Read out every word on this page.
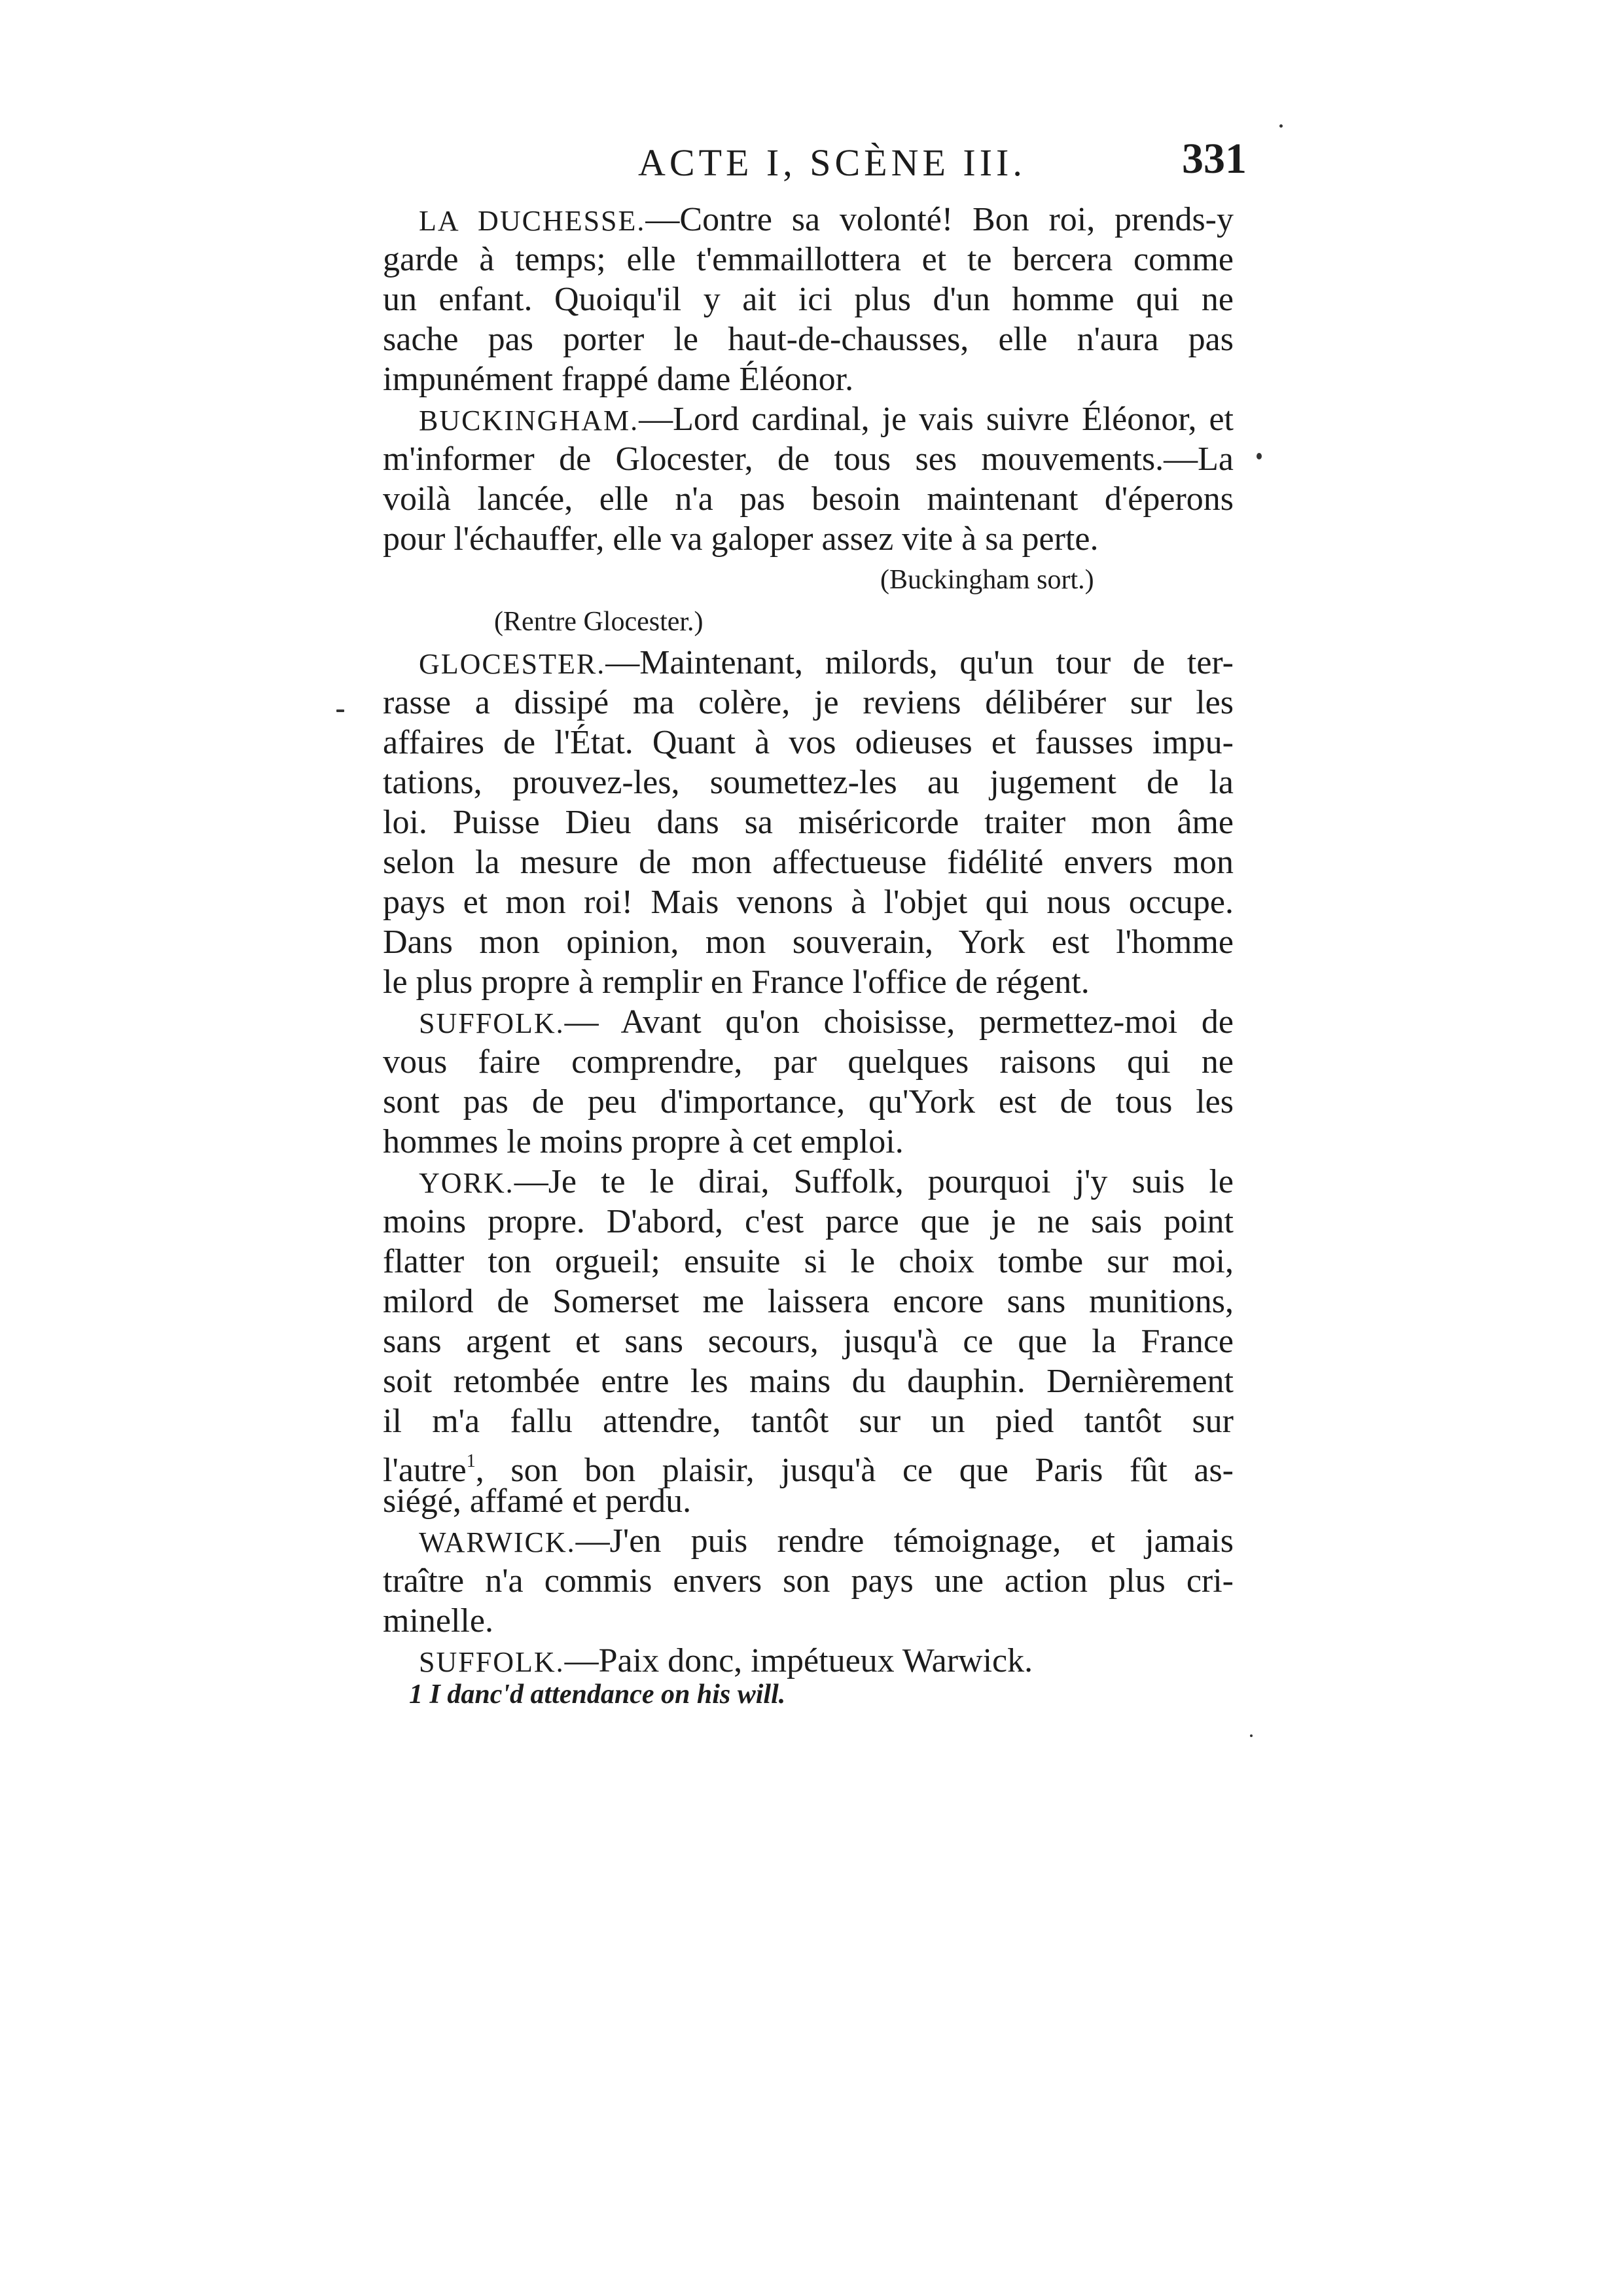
ACTE I, SCÈNE III.	331
LA DUCHESSE.—Contre sa volonté! Bon roi, prends-y
garde à temps; elle t'emmaillottera et te bercera comme
un enfant. Quoiqu'il y ait ici plus d'un homme qui ne
sache pas porter le haut-de-chausses, elle n'aura pas
impunément frappé dame Éléonor.
BUCKINGHAM.—Lord cardinal, je vais suivre Éléonor, et
m'informer de Glocester, de tous ses mouvements.—La
voilà lancée, elle n'a pas besoin maintenant d'éperons
pour l'échauffer, elle va galoper assez vite à sa perte.
(Buckingham sort.)
(Rentre Glocester.)
GLOCESTER.—Maintenant, milords, qu'un tour de ter-
rasse a dissipé ma colère, je reviens délibérer sur les
affaires de l'État. Quant à vos odieuses et fausses impu-
tations, prouvez-les, soumettez-les au jugement de la
loi. Puisse Dieu dans sa miséricorde traiter mon âme
selon la mesure de mon affectueuse fidélité envers mon
pays et mon roi! Mais venons à l'objet qui nous occupe.
Dans mon opinion, mon souverain, York est l'homme
le plus propre à remplir en France l'office de régent.
SUFFOLK.— Avant qu'on choisisse, permettez-moi de
vous faire comprendre, par quelques raisons qui ne
sont pas de peu d'importance, qu'York est de tous les
hommes le moins propre à cet emploi.
YORK.—Je te le dirai, Suffolk, pourquoi j'y suis le
moins propre. D'abord, c'est parce que je ne sais point
flatter ton orgueil; ensuite si le choix tombe sur moi,
milord de Somerset me laissera encore sans munitions,
sans argent et sans secours, jusqu'à ce que la France
soit retombée entre les mains du dauphin. Dernièrement
il m'a fallu attendre, tantôt sur un pied tantôt sur
l'autre$^1$, son bon plaisir, jusqu'à ce que Paris fût as-
siégé, affamé et perdu.
WARWICK.—J'en puis rendre témoignage, et jamais
traître n'a commis envers son pays une action plus cri-
minelle.
SUFFOLK.—Paix donc, impétueux Warwick.
1 I danc'd attendance on his will.
